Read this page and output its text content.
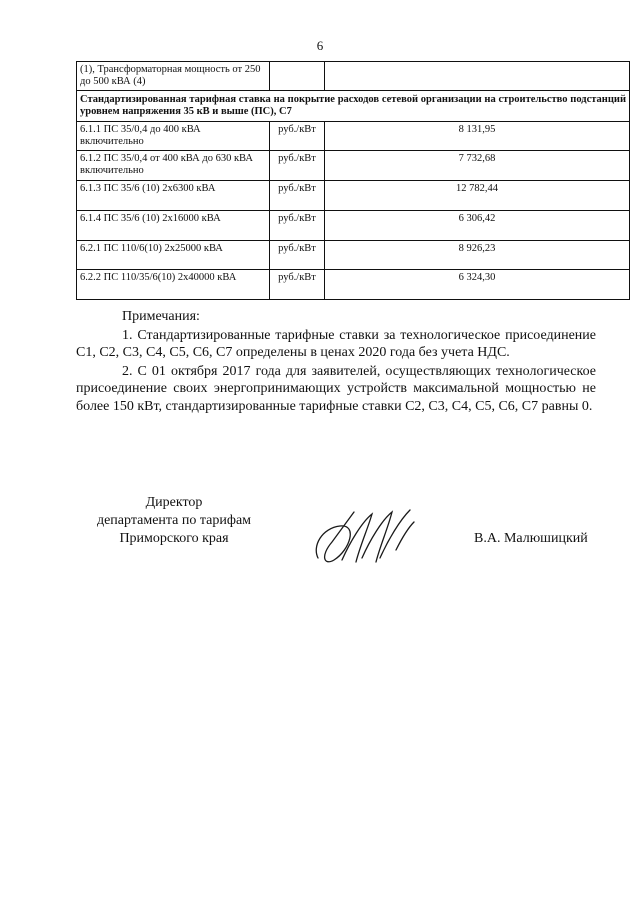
6
(1), Трансформаторная мощность от 250 до 500 кВА (4)		
Стандартизированная тарифная ставка на покрытие расходов сетевой организации на строительство подстанций уровнем напряжения 35 кВ и выше (ПС), С7		
6.1.1 ПС 35/0,4 до 400 кВА включительно	руб./кВт	8 131,95
6.1.2 ПС 35/0,4 от 400 кВА до 630 кВА включительно	руб./кВт	7 732,68
6.1.3 ПС 35/6 (10) 2х6300 кВА	руб./кВт	12 782,44
6.1.4 ПС 35/6 (10) 2х16000 кВА	руб./кВт	6 306,42
6.2.1 ПС 110/6(10) 2х25000 кВА	руб./кВт	8 926,23
6.2.2 ПС 110/35/6(10) 2х40000 кВА	руб./кВт	6 324,30

Примечания:

1. Стандартизированные тарифные ставки за технологическое присоединение С1, С2, С3, С4, С5, С6, С7 определены в ценах 2020 года без учета НДС.

2. С 01 октября 2017 года для заявителей, осуществляющих технологическое присоединение своих энергопринимающих устройств максимальной мощностью не более 150 кВт, стандартизированные тарифные ставки С2, С3, С4, С5, С6, С7 равны 0.

Директор
департамента по тарифам
Приморского края	В.А. Малюшицкий
